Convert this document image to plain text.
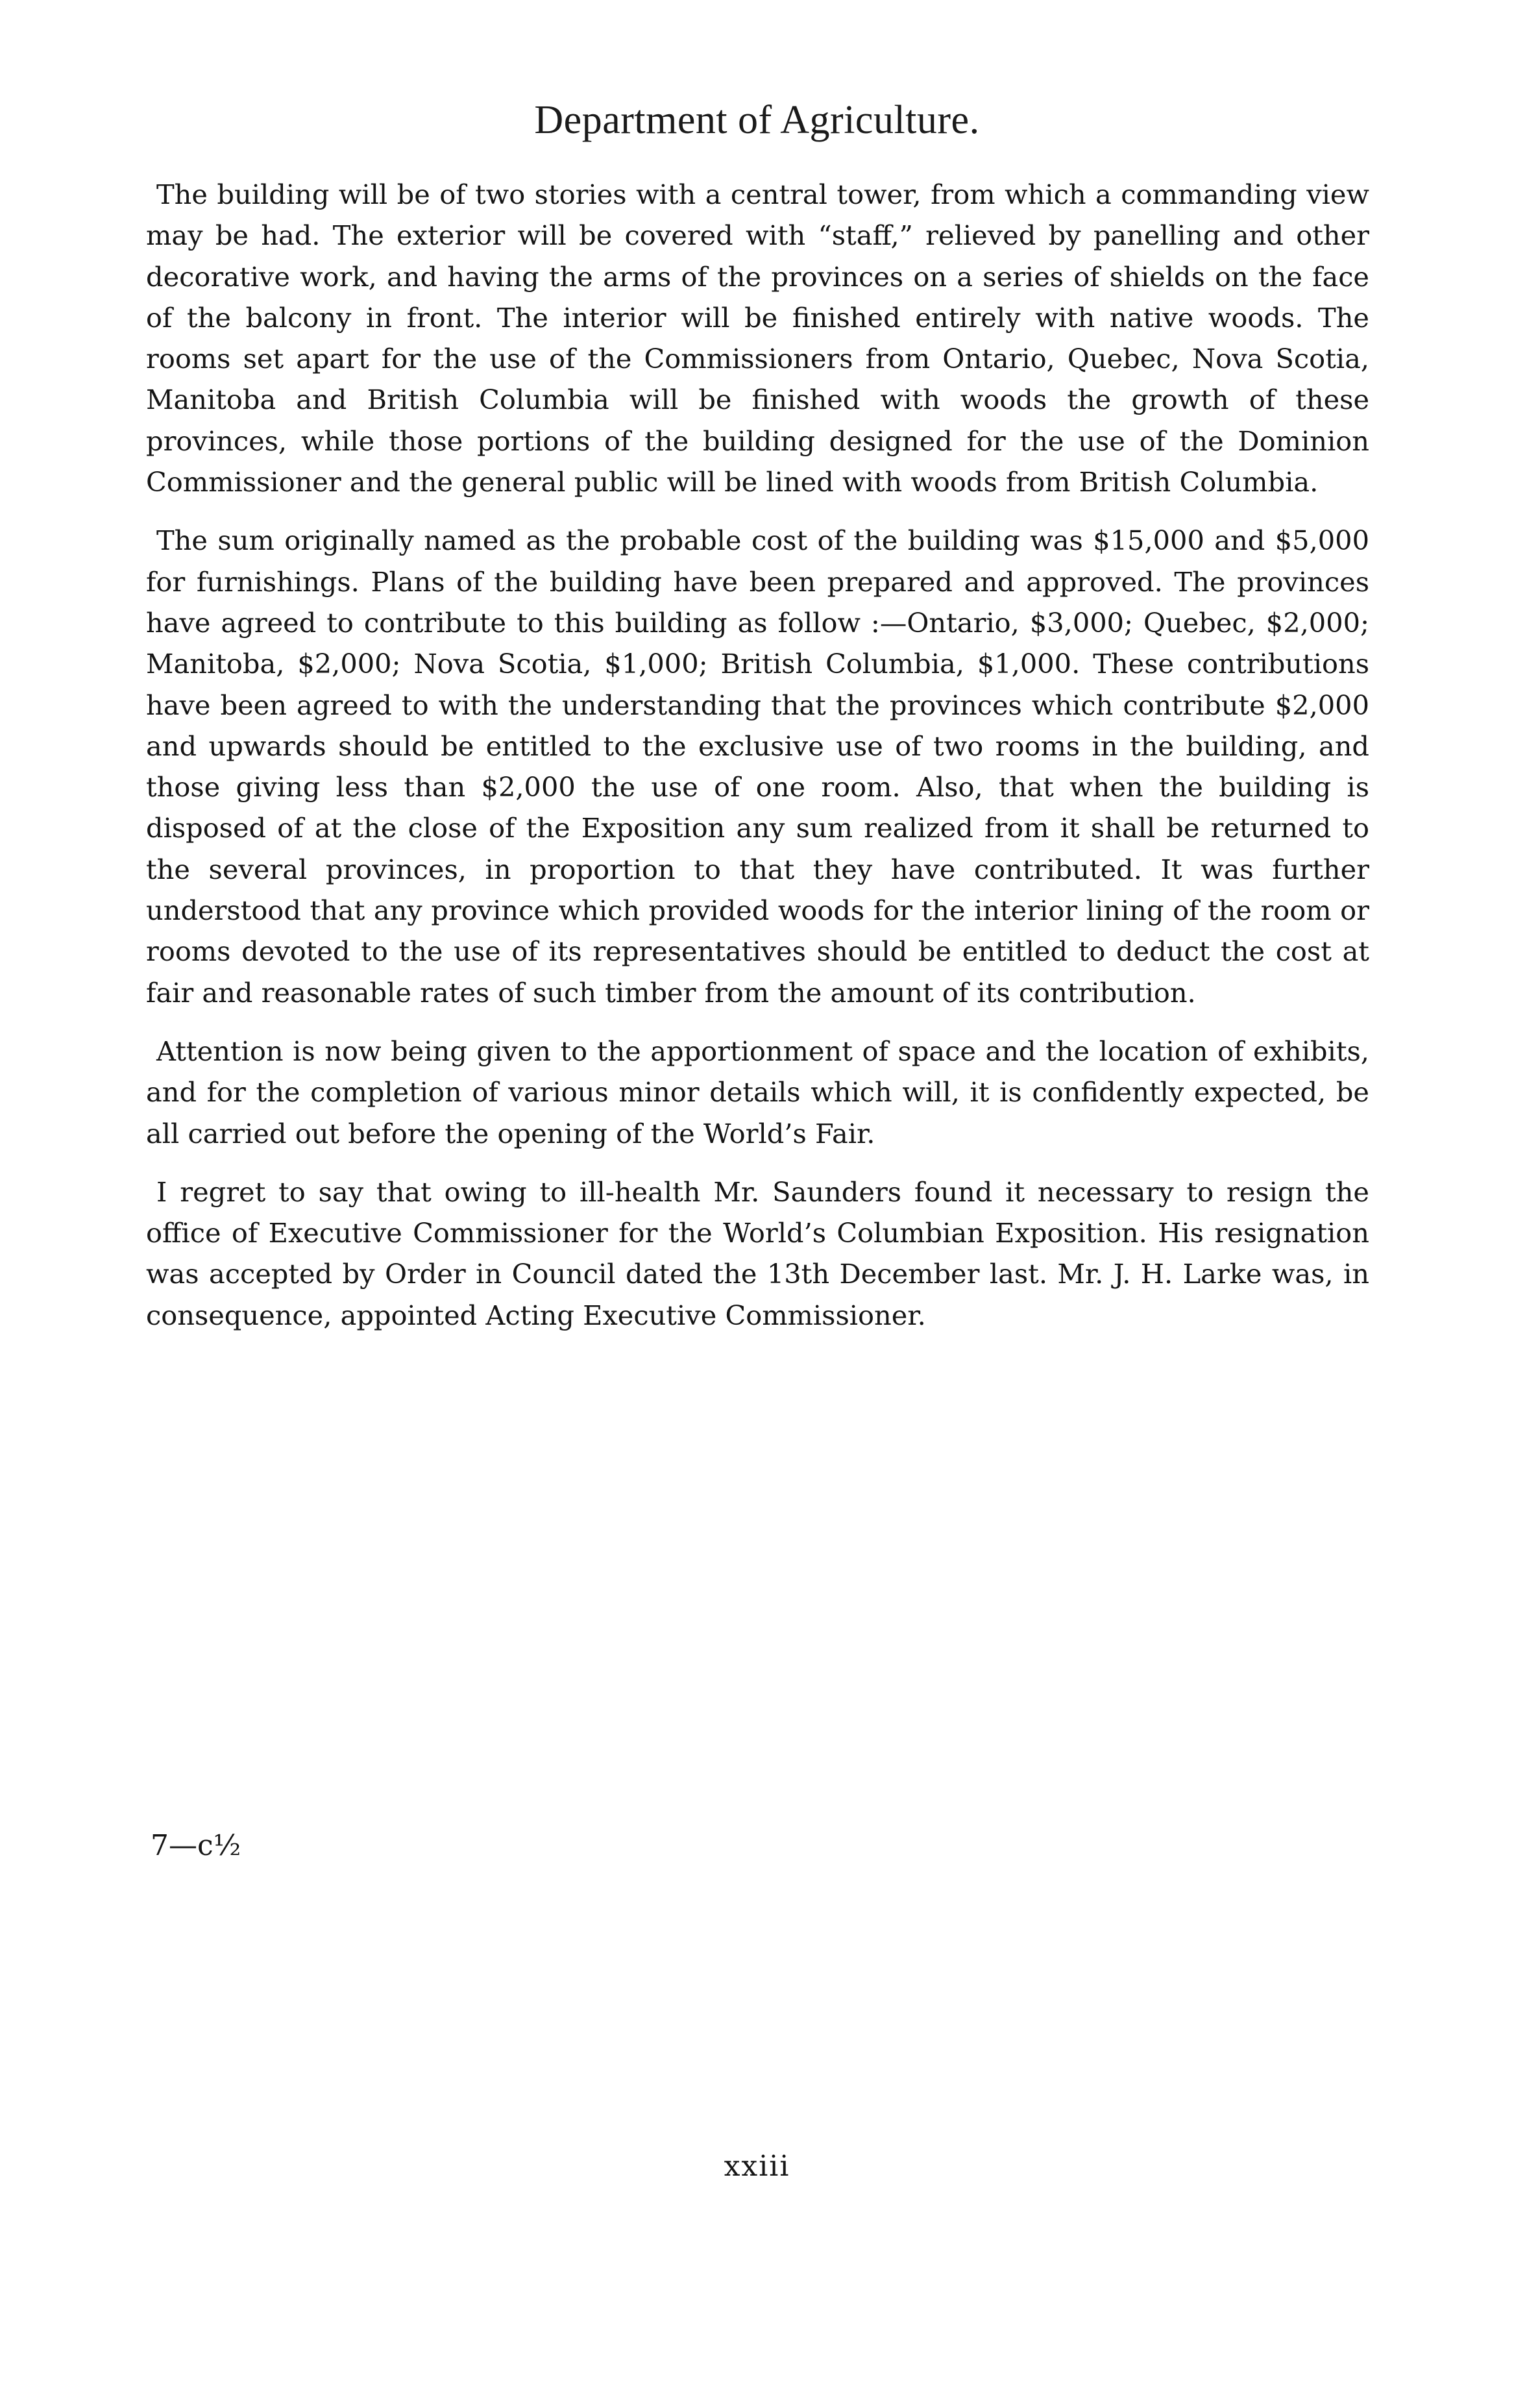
Department of Agriculture.

The building will be of two stories with a central tower, from which a commanding view may be had. The exterior will be covered with “staff,” relieved by panelling and other decorative work, and having the arms of the provinces on a series of shields on the face of the balcony in front. The interior will be finished entirely with native woods. The rooms set apart for the use of the Commissioners from Ontario, Quebec, Nova Scotia, Manitoba and British Columbia will be finished with woods the growth of these provinces, while those portions of the building designed for the use of the Dominion Commissioner and the general public will be lined with woods from British Columbia.

The sum originally named as the probable cost of the building was $15,000 and $5,000 for furnishings. Plans of the building have been prepared and approved. The provinces have agreed to contribute to this building as follow :—Ontario, $3,000; Quebec, $2,000; Manitoba, $2,000; Nova Scotia, $1,000; British Columbia, $1,000. These contributions have been agreed to with the understanding that the provinces which contribute $2,000 and upwards should be entitled to the exclusive use of two rooms in the building, and those giving less than $2,000 the use of one room. Also, that when the building is disposed of at the close of the Exposition any sum realized from it shall be returned to the several provinces, in proportion to that they have contributed. It was further understood that any province which provided woods for the interior lining of the room or rooms devoted to the use of its representatives should be entitled to deduct the cost at fair and reasonable rates of such timber from the amount of its contribution.

Attention is now being given to the apportionment of space and the location of exhibits, and for the completion of various minor details which will, it is confidently expected, be all carried out before the opening of the World’s Fair.

I regret to say that owing to ill-health Mr. Saunders found it necessary to resign the office of Executive Commissioner for the World’s Columbian Exposition. His resignation was accepted by Order in Council dated the 13th December last. Mr. J. H. Larke was, in consequence, appointed Acting Executive Commissioner.

7—c½
xxiii
